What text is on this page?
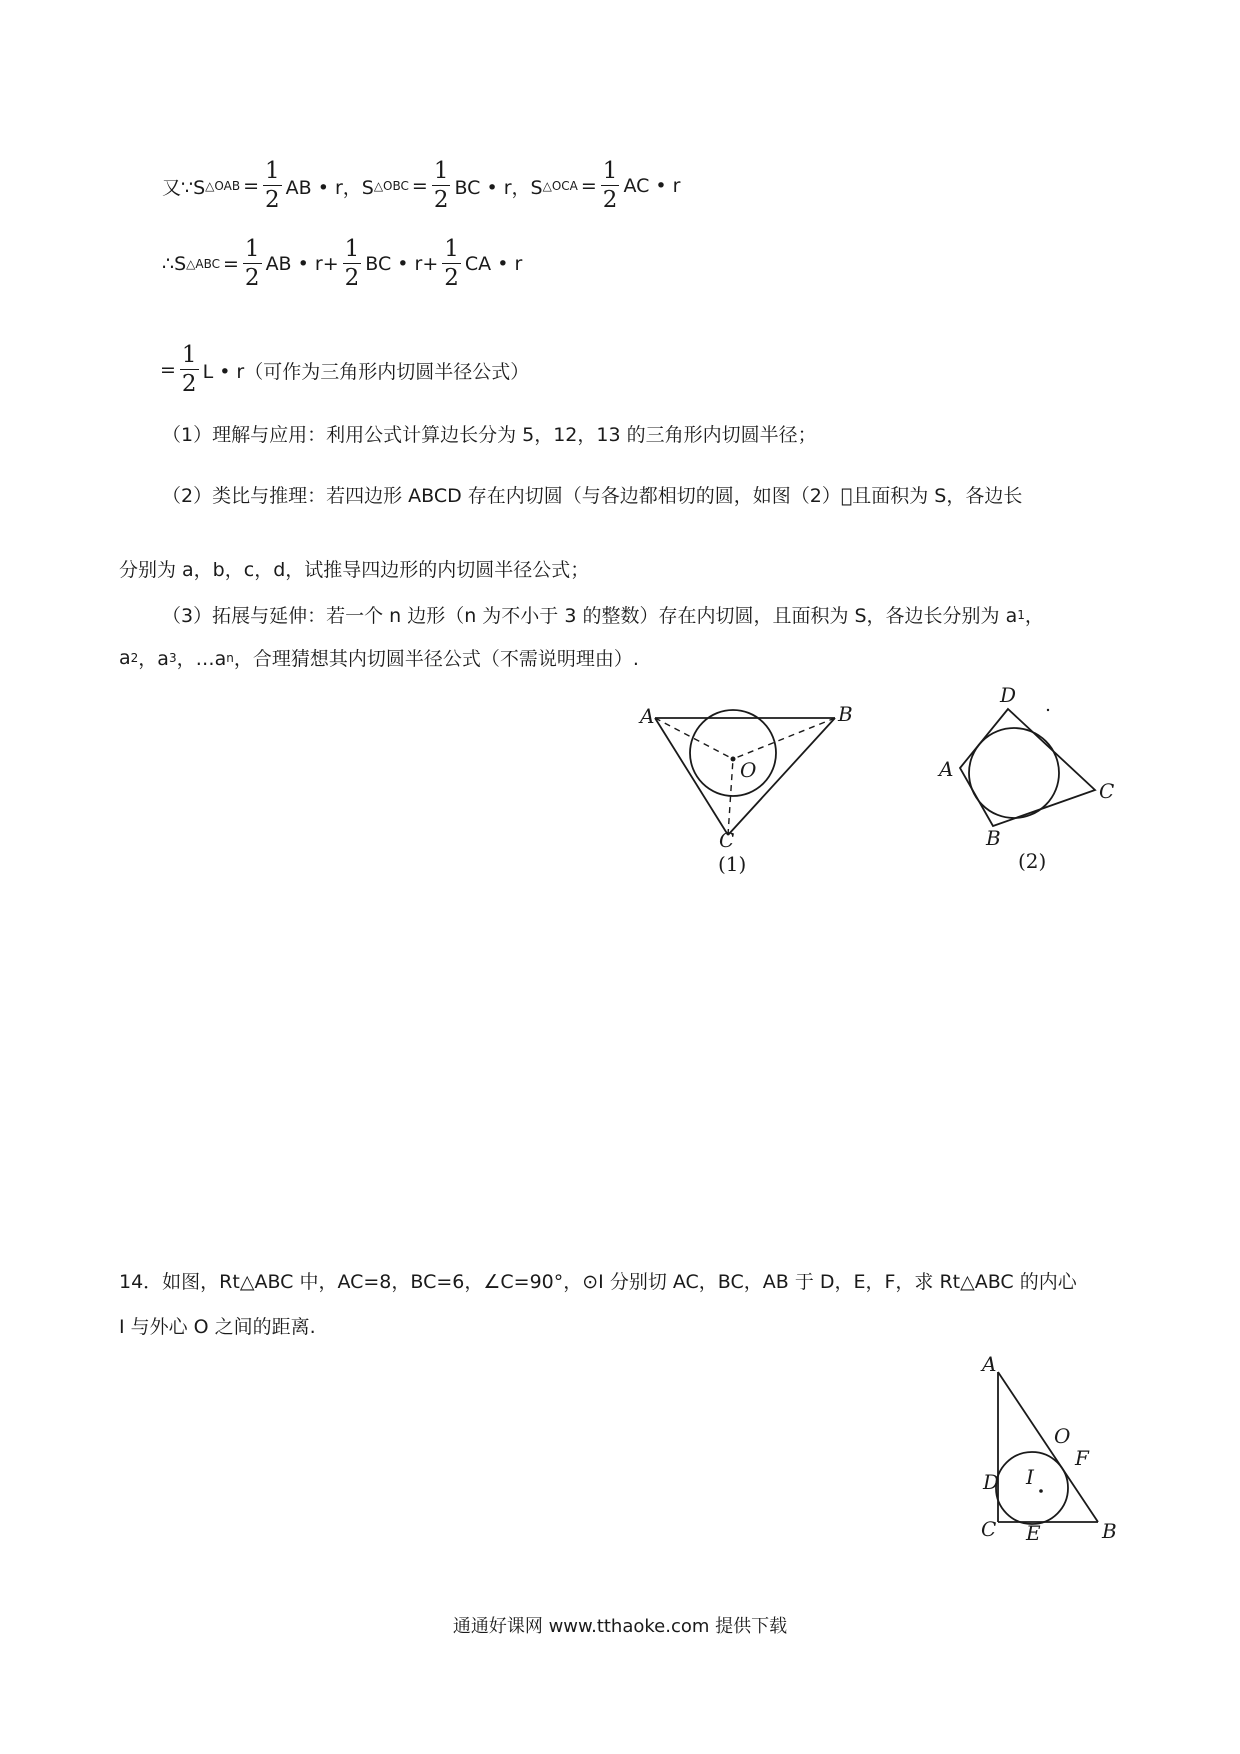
又∵S △OAB = $\frac{1}{2}$ AB • r，S △OBC = $\frac{1}{2}$ BC • r，S △OCA = $\frac{1}{2}$ AC • r
∴S △ABC = $\frac{1}{2}$ AB • $r+ \frac{1}{2}$ BC • $r+ \frac{1}{2}$ CA • r
= $\frac{1}{2}$ L • r（可作为三角形内切圆半径公式）
（1）理解与应用：利用公式计算边长分为 5，12，13 的三角形内切圆半径；
（2）类比与推理：若四边形 ABCD 存在内切圆（与各边都相切的圆，如图（2）􀀁且面积为 S，各边长
分别为 a，b，c，d，试推导四边形的内切圆半径公式；
（3）拓展与延伸：若一个 n 边形（n 为不小于 3 的整数）存在内切圆，且面积为 S，各边长分别为 a 1 ，
a 2 ，a 3 ，…a n ，合理猜想其内切圆半径公式（不需说明理由）.
A	B
O
C
(1)
D
A
C
B
(2)
14．如图，Rt△ABC 中，AC=8，BC=6，∠C=90°，⊙I 分别切 AC，BC，AB 于 D，E，F，求 Rt△ABC 的内心
I 与外心 O 之间的距离.
A
O
F
I
D
C E	B
通通好课网 www.tthaoke.com 提供下载
